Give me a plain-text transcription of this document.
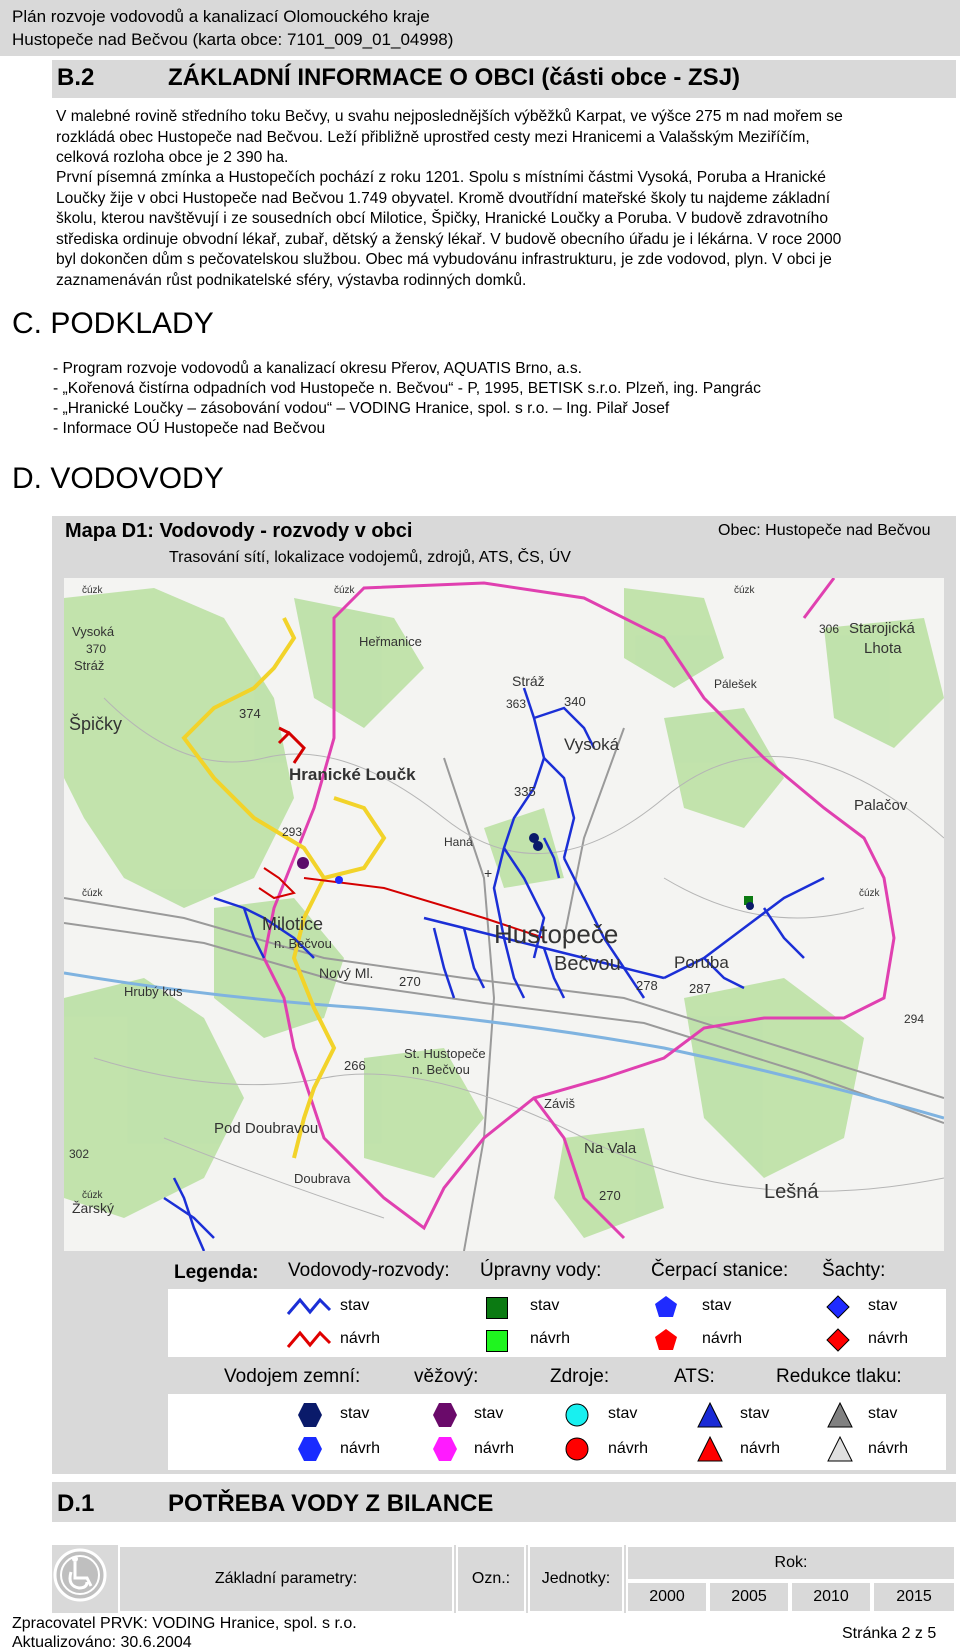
Plán rozvoje vodovodů a kanalizací Olomouckého kraje
Hustopeče nad Bečvou (karta obce: 7101_009_01_04998)
B.2	ZÁKLADNÍ INFORMACE O OBCI (části obce - ZSJ)
V malebné rovině středního toku Bečvy, u svahu nejposlednějších výběžků Karpat, ve výšce 275 m nad mořem se
rozkládá obec Hustopeče nad Bečvou. Leží přibližně uprostřed cesty mezi Hranicemi a Valašským Meziříčím,
celková rozloha obce je 2 390 ha.
První písemná zmínka a Hustopečích pochází z roku 1201. Spolu s místními částmi Vysoká, Poruba a Hranické
Loučky žije v obci Hustopeče nad Bečvou 1.749 obyvatel. Kromě dvoutřídní mateřské školy tu najdeme základní
školu, kterou navštěvují i ze sousedních obcí Milotice, Špičky, Hranické Loučky a Poruba. V budově zdravotního
střediska ordinuje obvodní lékař, zubař, dětský a ženský lékař. V budově obecního úřadu je i lékárna. V roce 2000
byl dokončen dům s pečovatelskou službou. Obec má vybudovánu infrastrukturu, je zde vodovod, plyn. V obci je
zaznamenáván růst podnikatelské sféry, výstavba rodinných domků.
C. PODKLADY
- Program rozvoje vodovodů a kanalizací okresu Přerov, AQUATIS Brno, a.s.
- „Kořenová čistírna odpadních vod Hustopeče n. Bečvou“ - P, 1995, BETISK s.r.o. Plzeň, ing. Pangrác
- „Hranické Loučky – zásobování vodou“ – VODING Hranice, spol. s r.o. – Ing. Pilař Josef
- Informace OÚ Hustopeče nad Bečvou
D. VODOVODY
Mapa D1: Vodovody - rozvody v obci
Trasování sítí, lokalizace vodojemů, zdrojů, ATS, ČS, ÚV
Obec: Hustopeče nad Bečvou
čúzk	čúzk	čúzk
čúzk	čúzk
čúzk
Vysoká
370
Stráž
Špičky
374
Heřmanice
Hranické Loučk
293
Milotice
n. Bečvou
Nový Ml.
Hrubý kus
Stráž
340
363
Vysoká
335
Haná
Hustopeče
Bečvou
270	278
Poruba
287
St. Hustopeče
n. Bečvou
266
Pod Doubravou
Doubrava
Záviš
Na Vala
270	Lešná
Starojická
Lhota
306
Pálešek
Palačov
294
Žarský
302
+
Legenda: Vodovody-rozvody: Úpravny vody:	Čerpací stanice: Šachty:
stav
návrh
stav
návrh
stav
návrh
stav
návrh
Vodojem zemní:	věžový:	Zdroje:	ATS:	Redukce tlaku:
stav
návrh
stav
návrh
stav
návrh
stav
návrh
stav
návrh
D.1	POTŘEBA VODY Z BILANCE
Základní parametry:	Ozn.:	Jednotky:
Rok:
2000	2005	2010	2015
Zpracovatel PRVK: VODING Hranice, spol. s r.o.
Aktualizováno: 30.6.2004
Stránka 2 z 5
